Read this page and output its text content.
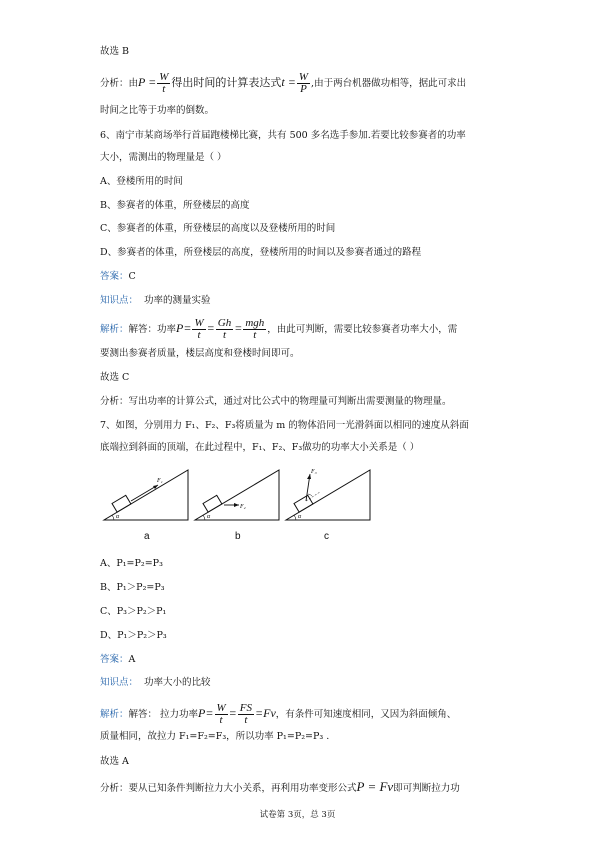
故选 B
分析：由$P = \frac{W}{t}$ 得出时间的计算表达式$t = \frac{W}{P}$ ,由于两台机器做功相等，据此可求出
时间之比等于功率的倒数。
6、南宁市某商场举行首届跑楼梯比赛，共有 500 多名选手参加.若要比较参赛者的功率
大小，需测出的物理量是（ ）
A、登楼所用的时间
B、参赛者的体重，所登楼层的高度
C、参赛者的体重，所登楼层的高度以及登楼所用的时间
D、参赛者的体重，所登楼层的高度，登楼所用的时间以及参赛者通过的路程
答案：C
知识点： 功率的测量实验
解析：解答：功率$P= \frac{W}{t} = \frac{Gh}{t} = \frac{\text{mgh}}{t}$ ，由此可判断，需要比较参赛者功率大小，需
要测出参赛者质量，楼层高度和登楼时间即可。
故选 C
分析：写出功率的计算公式，通过对比公式中的物理量可判断出需要测量的物理量。
7、如图，分别用力 F₁、F₂、F₃将质量为 m 的物体沿同一光滑斜面以相同的速度从斜面
底端拉到斜面的顶端，在此过程中，F₁、F₂、F₃做功的功率大小关系是（ ）
F₁
α
F₂
α
F₃
α
a	b	c
A、P₁=P₂=P₃
B、P₁＞P₂=P₃
C、P₃＞P₂＞P₁
D、P₁＞P₂＞P₃
答案：A
知识点： 功率大小的比较
解析：解答： 拉力功率$P= \frac{W}{t} = \frac{FS}{t} =Fv$，有条件可知速度相同，又因为斜面倾角、
质量相同，故拉力 F₁=F₂=F₃，所以功率 P₁=P₂=P₃ .
故选 A
分析：要从已知条件判断拉力大小关系，再利用功率变形公式P = Fv即可判断拉力功
试卷第 3页，总 3页
